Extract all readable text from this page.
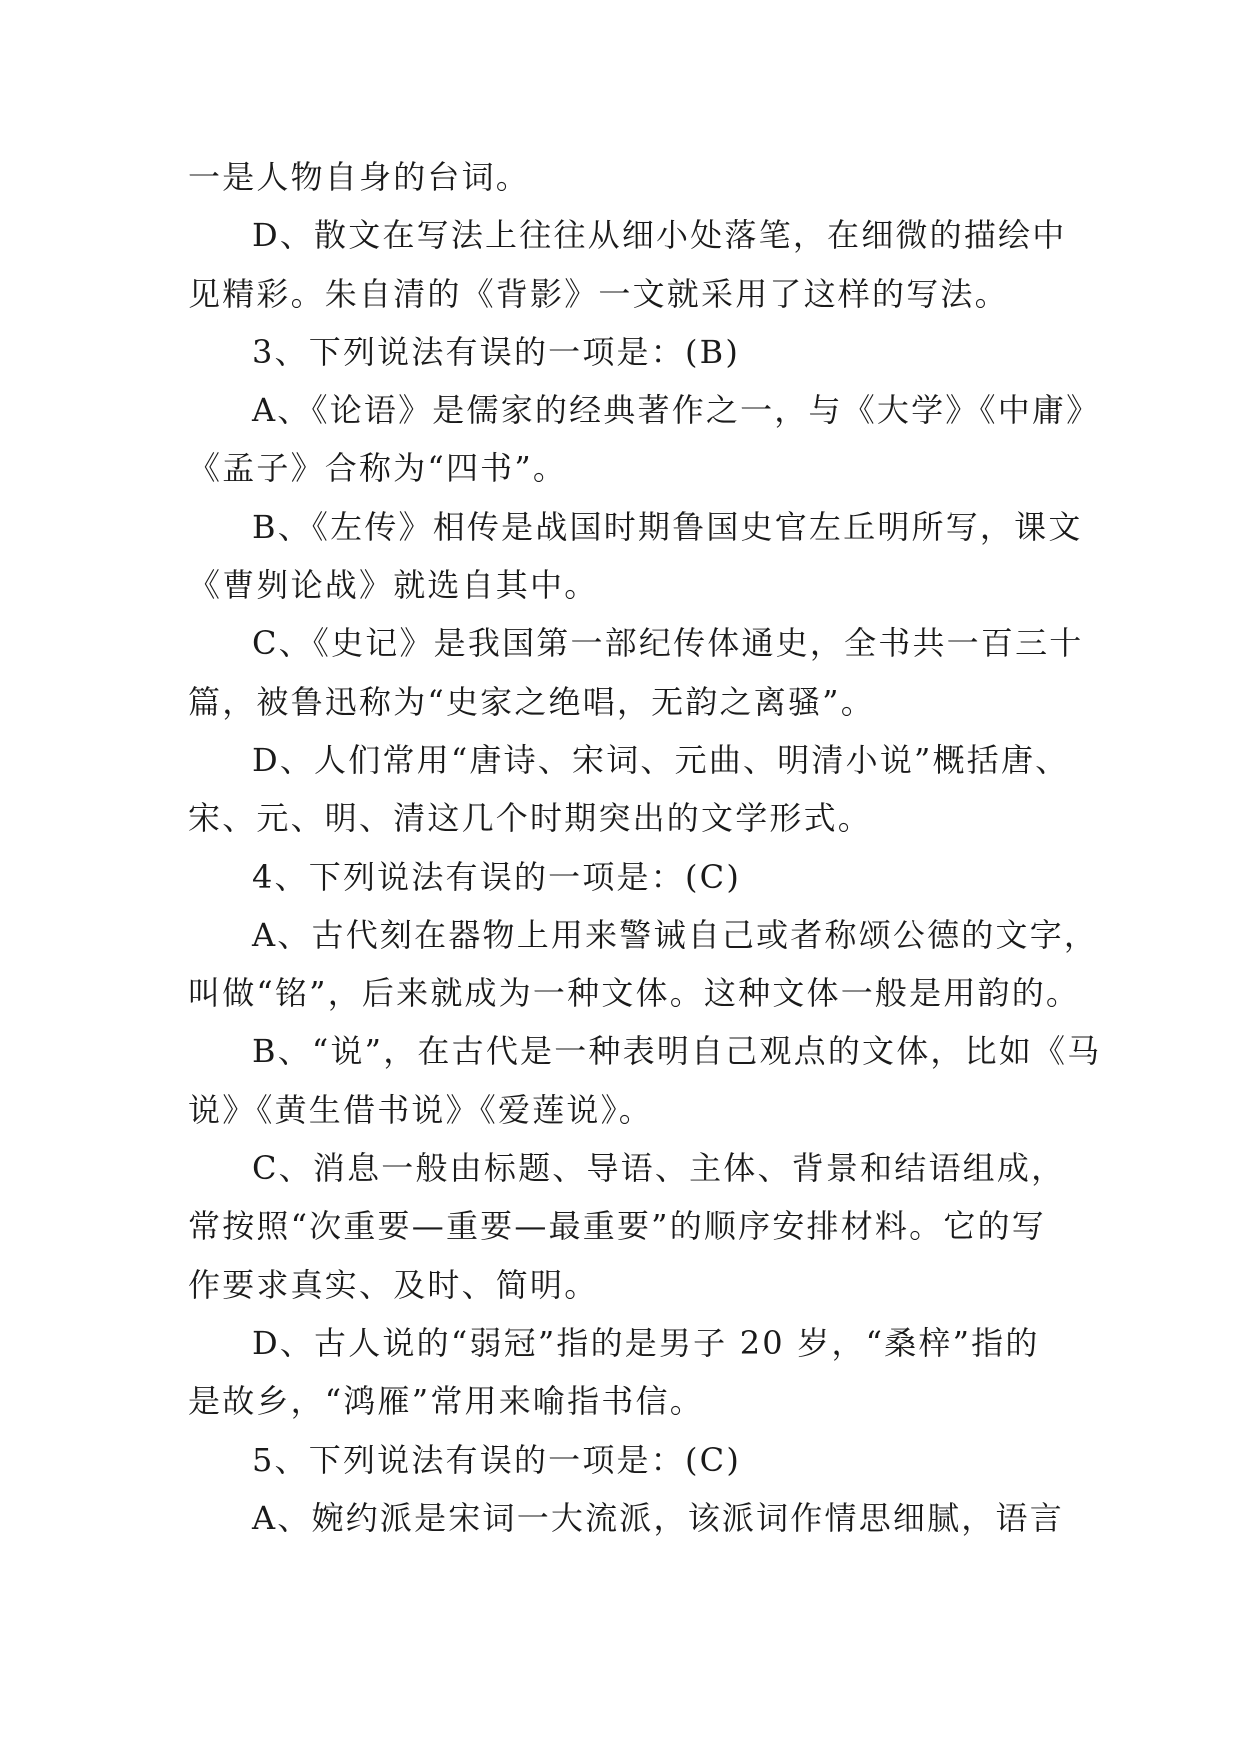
一是人物自身的台词。
D、散文在写法上往往从细小处落笔，在细微的描绘中
见精彩。朱自清的《背影》一文就采用了这样的写法。
3、下列说法有误的一项是：(B)
A、《论语》是儒家的经典著作之一，与《大学》《中庸》
《孟子》合称为“四书”。
B、《左传》相传是战国时期鲁国史官左丘明所写，课文
《曹刿论战》就选自其中。
C、《史记》是我国第一部纪传体通史，全书共一百三十
篇，被鲁迅称为“史家之绝唱，无韵之离骚”。
D、人们常用“唐诗、宋词、元曲、明清小说”概括唐、
宋、元、明、清这几个时期突出的文学形式。
4、下列说法有误的一项是：(C)
A、古代刻在器物上用来警诫自己或者称颂公德的文字，
叫做“铭”，后来就成为一种文体。这种文体一般是用韵的。
B、“说”，在古代是一种表明自己观点的文体，比如《马
说》《黄生借书说》《爱莲说》。
C、消息一般由标题、导语、主体、背景和结语组成，
常按照“次重要—重要—最重要”的顺序安排材料。它的写
作要求真实、及时、简明。
D、古人说的“弱冠”指的是男子 20 岁，“桑梓”指的
是故乡，“鸿雁”常用来喻指书信。
5、下列说法有误的一项是：(C)
A、婉约派是宋词一大流派，该派词作情思细腻，语言
